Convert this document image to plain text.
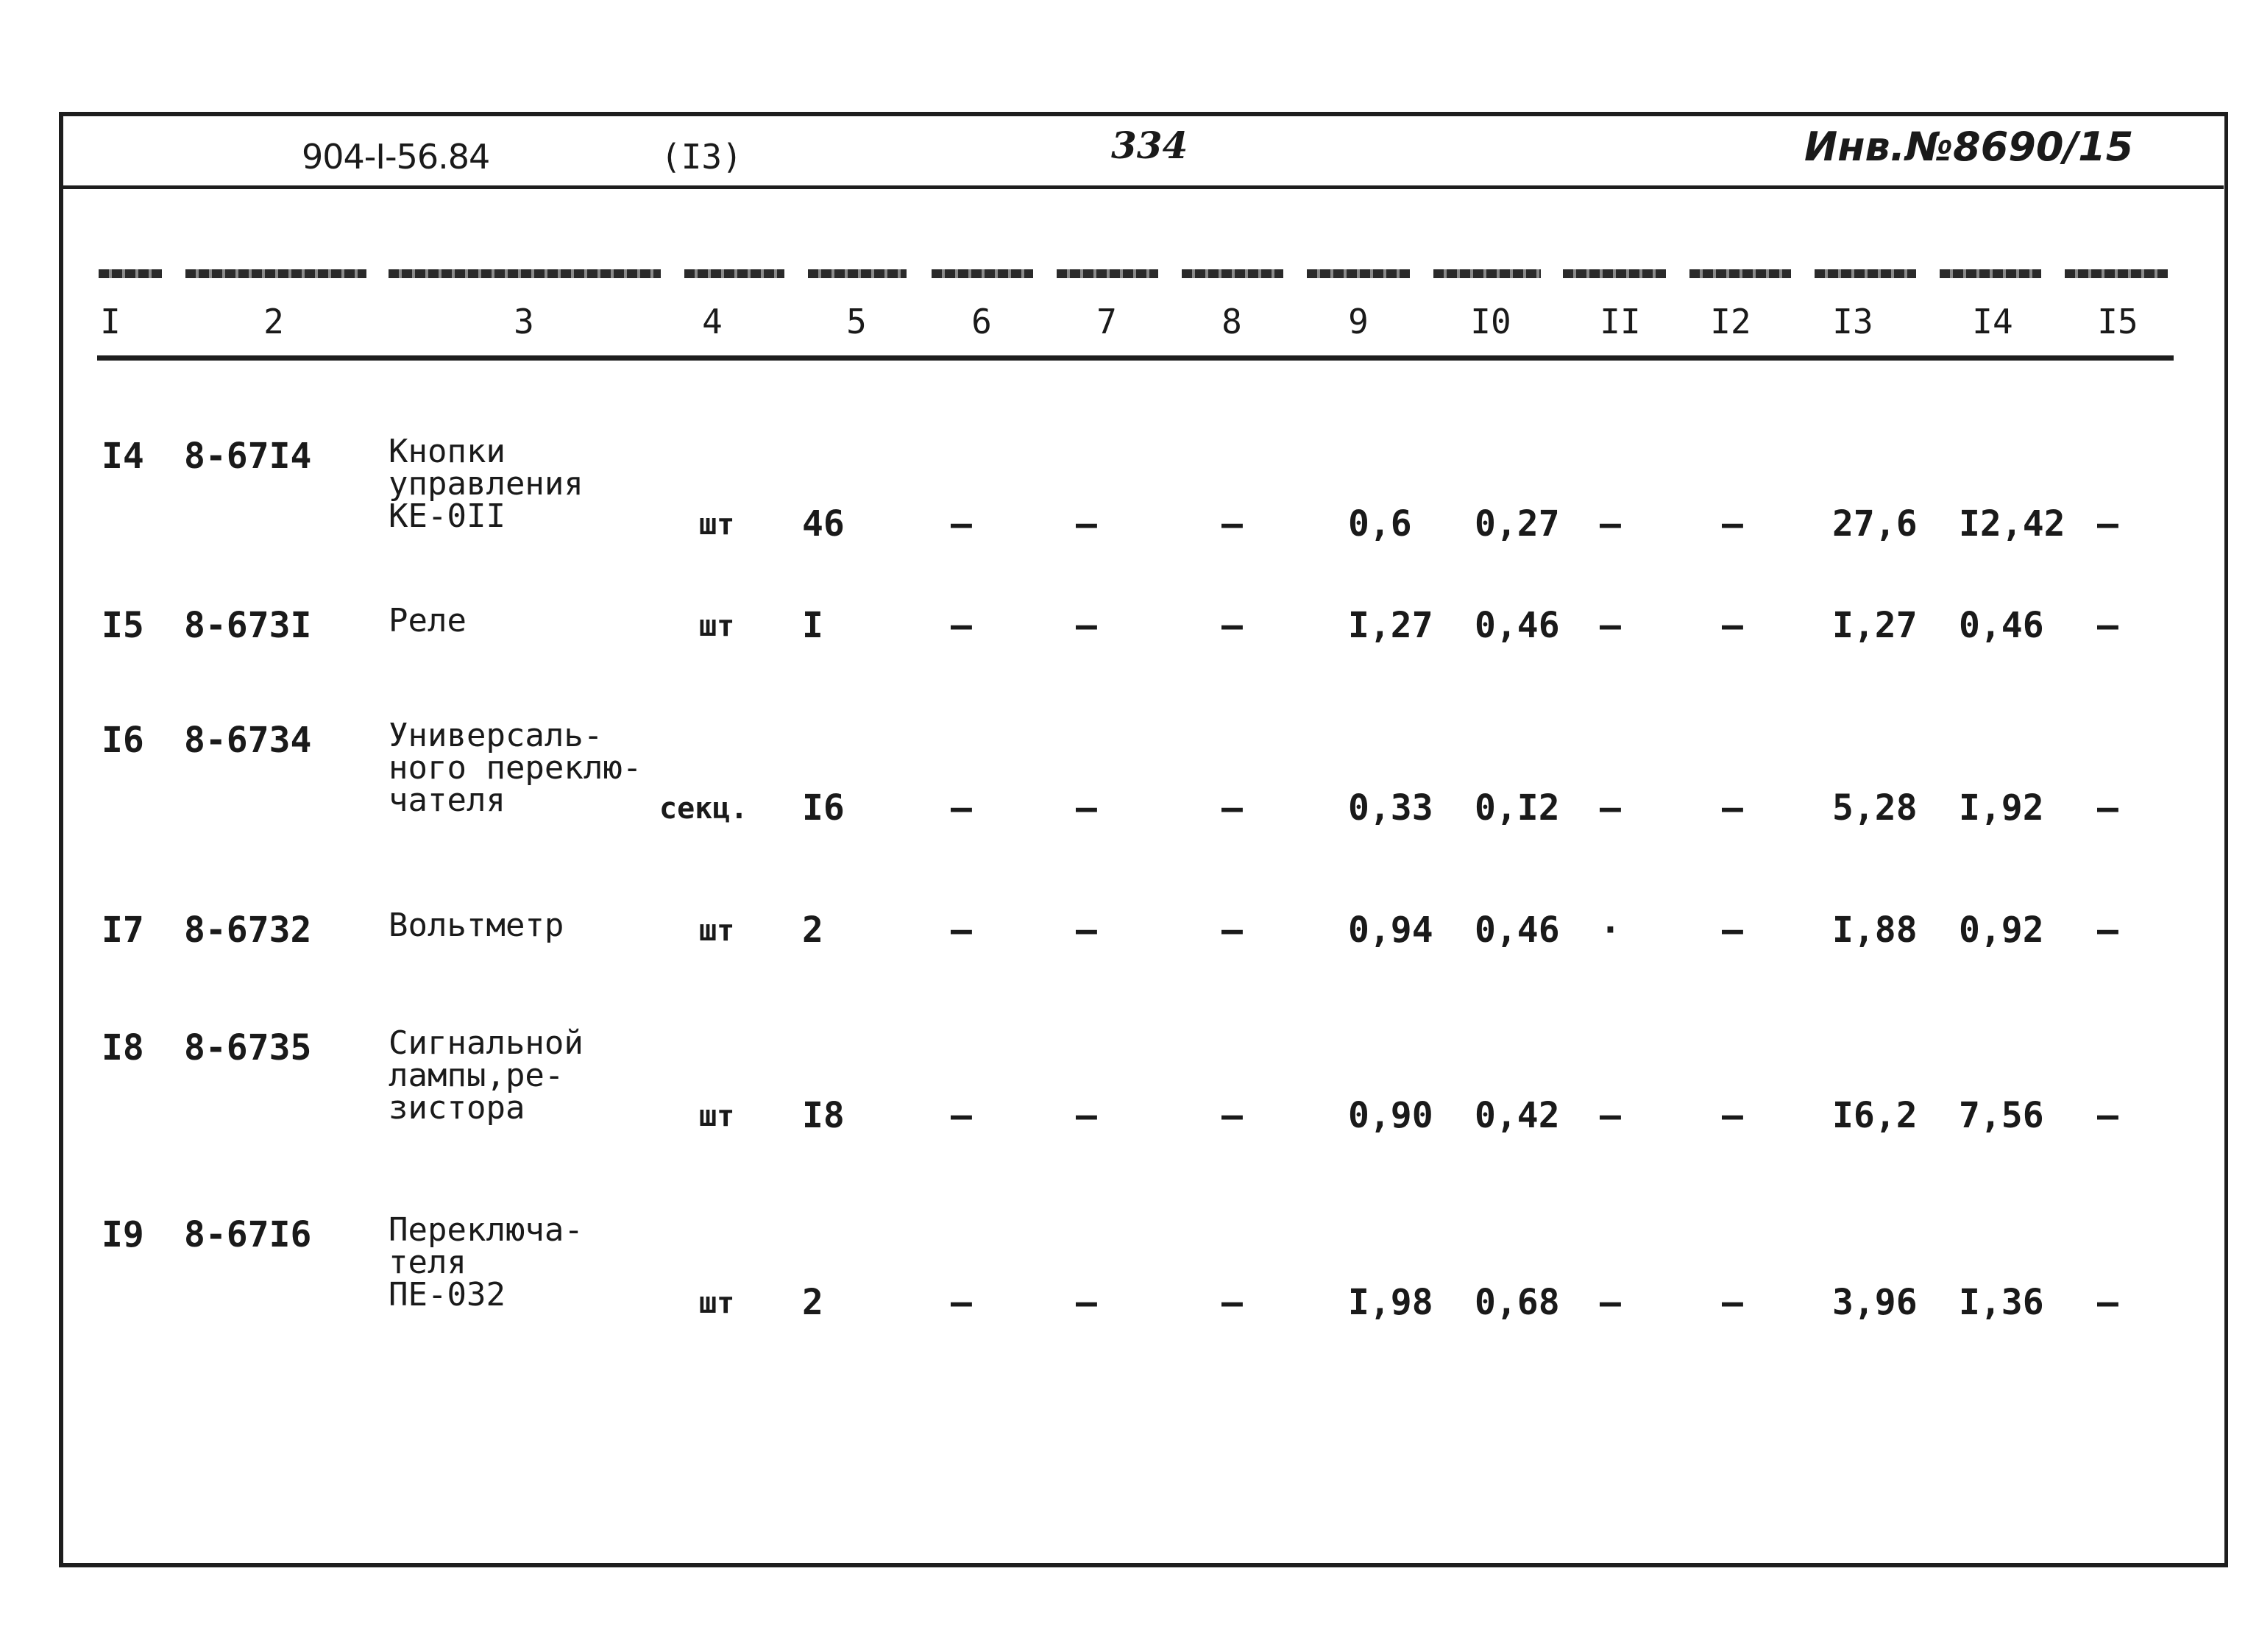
904-I-56.84	(I3)	334	Инв.№8690/15
I	2	3	4	5	6	7	8	9	I0	II	I2	I3	I4	I5
I4 8-67I4 Кнопки
управления
КЕ-0II	шт 46	–	–	–	0,6 0,27 –	–	27,6 I2,42 –
I5 8-673I Реле	шт I	–	–	–	I,27 0,46 –	–	I,27 0,46 –
I6 8-6734 Универсаль-
ного переклю-
чателя	секц. I6	–	–	–	0,33 0,I2 –	–	5,28 I,92 –
I7 8-6732 Вольтметр	шт 2	–	–	–	0,94 0,46 ·	–	I,88 0,92 –
I8 8-6735 Сигнальной
лампы,ре-
зистора	шт I8	–	–	–	0,90 0,42 –	–	I6,2 7,56 –
I9 8-67I6 Переключа-
теля
ПЕ-032	шт 2	–	–	–	I,98 0,68 –	–	3,96 I,36 –
